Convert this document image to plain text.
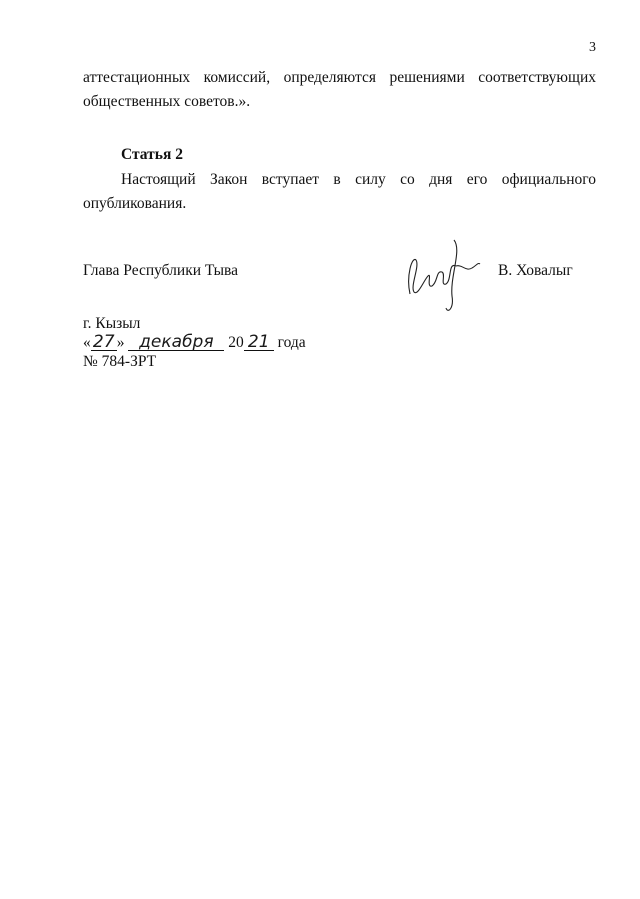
3
аттестационных комиссий, определяются решениями соответствующих
общественных советов.».
Статья 2
Настоящий Закон вступает в силу со дня его официального
опубликования.
Глава Республики Тыва	В. Ховалыг
г. Кызыл
« 27 » декабря 20 21 года
№ 784-ЗРТ
